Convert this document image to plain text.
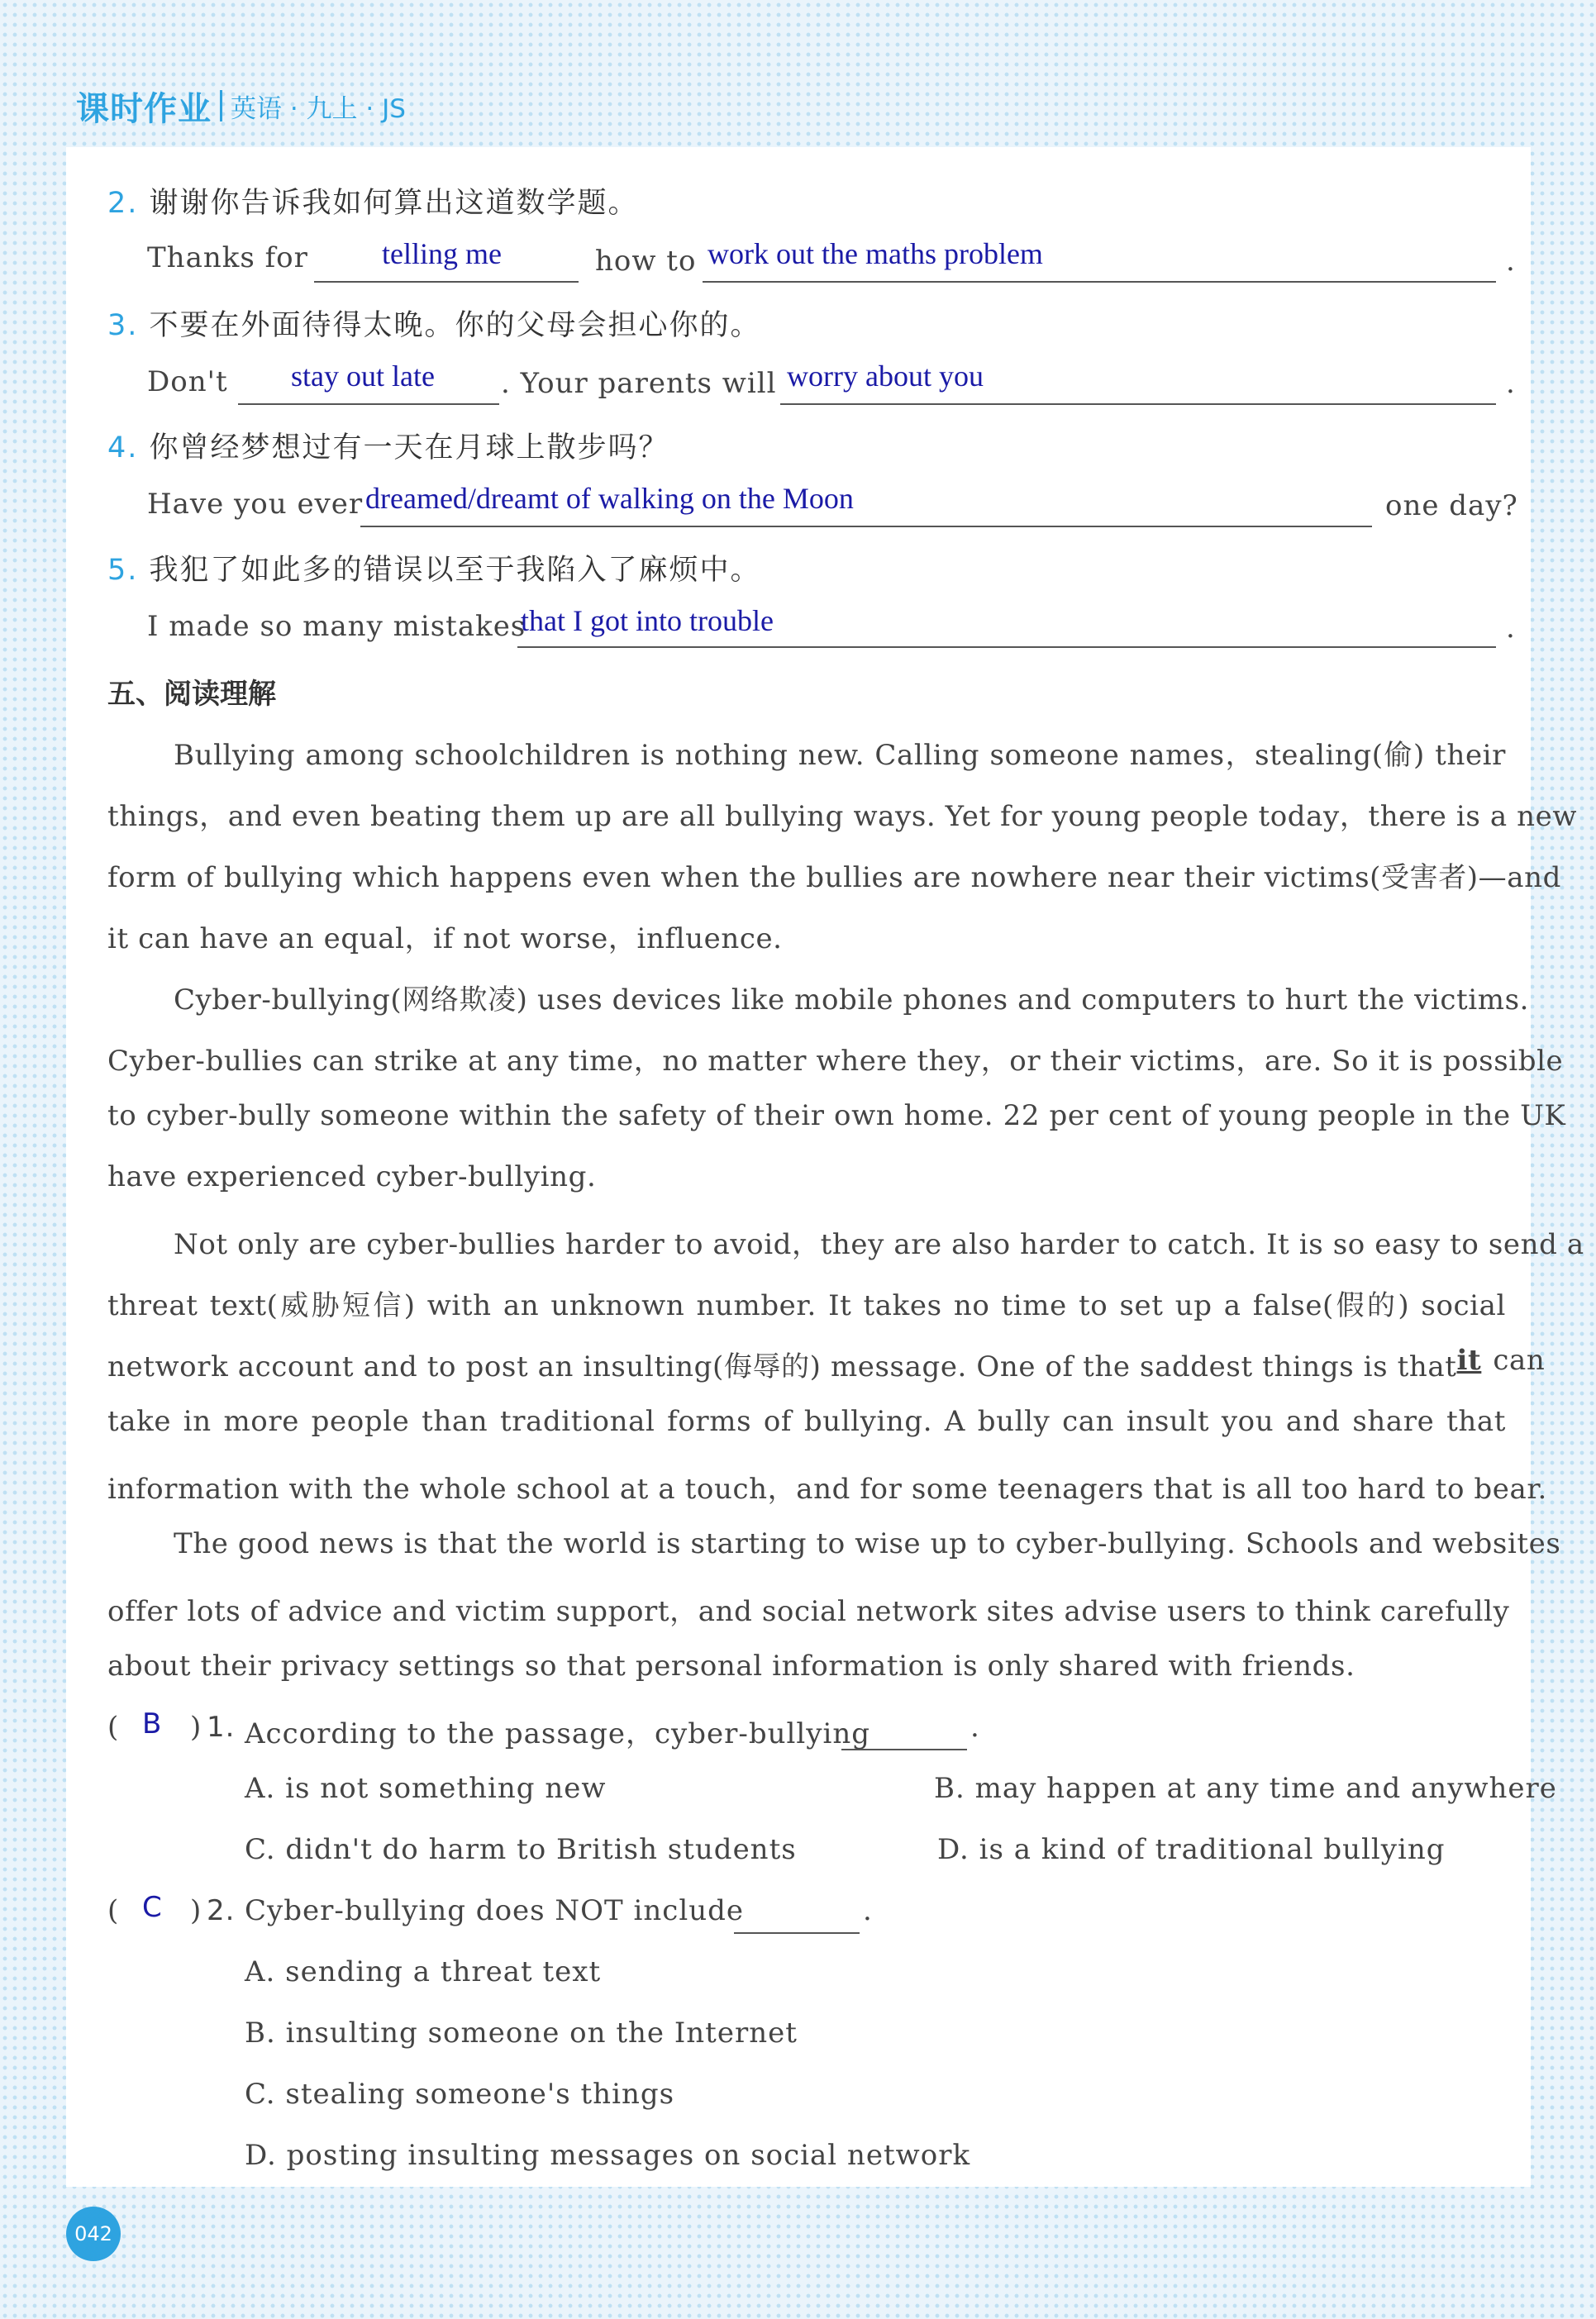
课时作业 英语 · 九上 · JS
2. 谢谢你告诉我如何算出这道数学题。
Thanks for telling me	how to work out the maths problem	.
3. 不要在外面待得太晚。你的父母会担心你的。
Don't stay out late . Your parents will worry about you	.
4. 你曾经梦想过有一天在月球上散步吗？
Have you ever dreamed/dreamt of walking on the Moon	one day?
5. 我犯了如此多的错误以至于我陷入了麻烦中。
I made so many mistakes
that I got into trouble	.
五、阅读理解
Bullying among schoolchildren is nothing new. Calling someone names，stealing(偷) their
things，and even beating them up are all bullying ways. Yet for young people today，there is a new
form of bullying which happens even when the bullies are nowhere near their victims(受害者)—and
it can have an equal，if not worse，influence.
Cyber-bullying(网络欺凌) uses devices like mobile phones and computers to hurt the victims.
Cyber-bullies can strike at any time，no matter where they，or their victims，are. So it is possible
to cyber-bully someone within the safety of their own home. 22 per cent of young people in the UK
have experienced cyber-bullying.
Not only are cyber-bullies harder to avoid，they are also harder to catch. It is so easy to send a
threat text(威胁短信) with an unknown number. It takes no time to set up a false(假的) social
network account and to post an insulting(侮辱的) message. One of the saddest things is that it can
take in more people than traditional forms of bullying. A bully can insult you and share that
information with the whole school at a touch，and for some teenagers that is all too hard to bear.
The good news is that the world is starting to wise up to cyber-bullying. Schools and websites
offer lots of advice and victim support，and social network sites advise users to think carefully
about their privacy settings so that personal information is only shared with friends.
( B ) 1. According to the passage，cyber-bullying	.
A. is not something new	B. may happen at any time and anywhere
C. didn't do harm to British students	D. is a kind of traditional bullying
( C ) 2. Cyber-bullying does NOT include	.
A. sending a threat text
B. insulting someone on the Internet
C. stealing someone's things
D. posting insulting messages on social network
042
